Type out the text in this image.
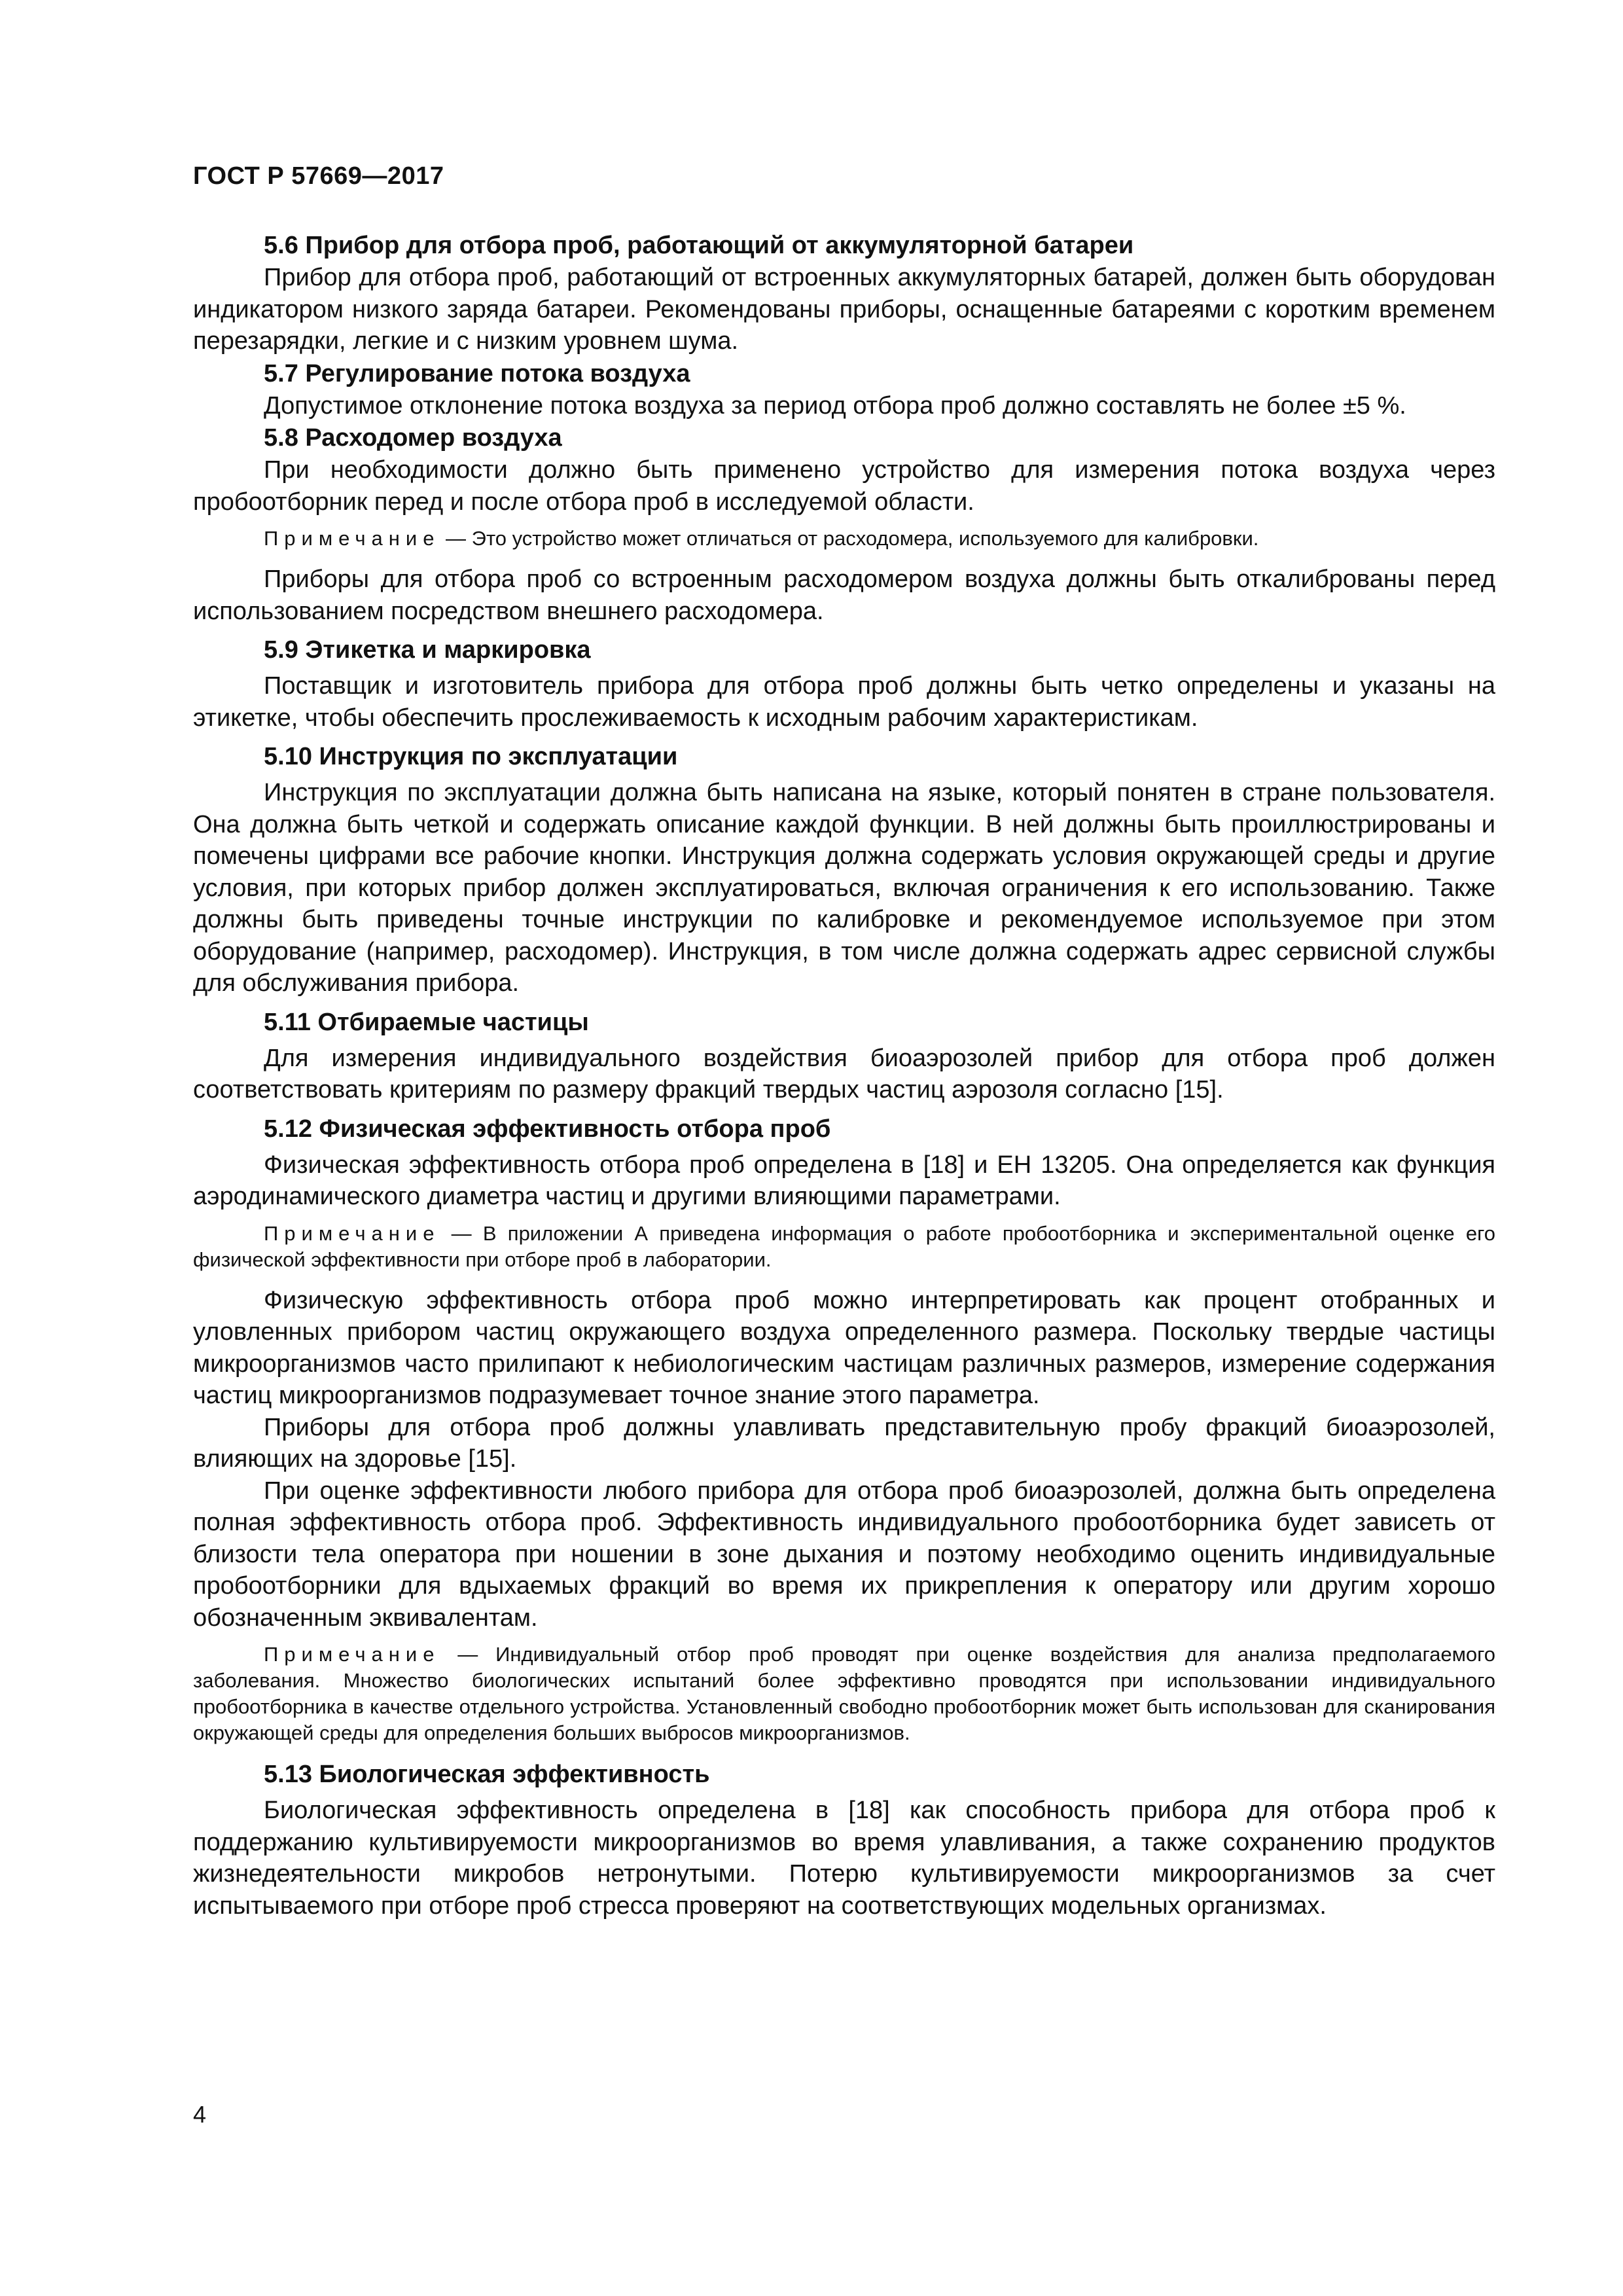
ГОСТ Р 57669—2017
5.6 Прибор для отбора проб, работающий от аккумуляторной батареи

Прибор для отбора проб, работающий от встроенных аккумуляторных батарей, должен быть оборудован индикатором низкого заряда батареи. Рекомендованы приборы, оснащенные батареями с коротким временем перезарядки, легкие и с низким уровнем шума.

5.7 Регулирование потока воздуха

Допустимое отклонение потока воздуха за период отбора проб должно составлять не более ±5 %.

5.8 Расходомер воздуха

При необходимости должно быть применено устройство для измерения потока воздуха через пробоотборник перед и после отбора проб в исследуемой области.

Примечание — Это устройство может отличаться от расходомера, используемого для калибровки.

Приборы для отбора проб со встроенным расходомером воздуха должны быть откалиброваны перед использованием посредством внешнего расходомера.

5.9 Этикетка и маркировка

Поставщик и изготовитель прибора для отбора проб должны быть четко определены и указаны на этикетке, чтобы обеспечить прослеживаемость к исходным рабочим характеристикам.

5.10 Инструкция по эксплуатации

Инструкция по эксплуатации должна быть написана на языке, который понятен в стране пользователя. Она должна быть четкой и содержать описание каждой функции. В ней должны быть проиллюстрированы и помечены цифрами все рабочие кнопки. Инструкция должна содержать условия окружающей среды и другие условия, при которых прибор должен эксплуатироваться, включая ограничения к его использованию. Также должны быть приведены точные инструкции по калибровке и рекомендуемое используемое при этом оборудование (например, расходомер). Инструкция, в том числе должна содержать адрес сервисной службы для обслуживания прибора.

5.11 Отбираемые частицы

Для измерения индивидуального воздействия биоаэрозолей прибор для отбора проб должен соответствовать критериям по размеру фракций твердых частиц аэрозоля согласно [15].

5.12 Физическая эффективность отбора проб

Физическая эффективность отбора проб определена в [18] и ЕН 13205. Она определяется как функция аэродинамического диаметра частиц и другими влияющими параметрами.

Примечание — В приложении А приведена информация о работе пробоотборника и экспериментальной оценке его физической эффективности при отборе проб в лаборатории.

Физическую эффективность отбора проб можно интерпретировать как процент отобранных и уловленных прибором частиц окружающего воздуха определенного размера. Поскольку твердые частицы микроорганизмов часто прилипают к небиологическим частицам различных размеров, измерение содержания частиц микроорганизмов подразумевает точное знание этого параметра.

Приборы для отбора проб должны улавливать представительную пробу фракций биоаэрозолей, влияющих на здоровье [15].

При оценке эффективности любого прибора для отбора проб биоаэрозолей, должна быть определена полная эффективность отбора проб. Эффективность индивидуального пробоотборника будет зависеть от близости тела оператора при ношении в зоне дыхания и поэтому необходимо оценить индивидуальные пробоотборники для вдыхаемых фракций во время их прикрепления к оператору или другим хорошо обозначенным эквивалентам.

Примечание — Индивидуальный отбор проб проводят при оценке воздействия для анализа предполагаемого заболевания. Множество биологических испытаний более эффективно проводятся при использовании индивидуального пробоотборника в качестве отдельного устройства. Установленный свободно пробоотборник может быть использован для сканирования окружающей среды для определения больших выбросов микроорганизмов.

5.13 Биологическая эффективность

Биологическая эффективность определена в [18] как способность прибора для отбора проб к поддержанию культивируемости микроорганизмов во время улавливания, а также сохранению продуктов жизнедеятельности микробов нетронутыми. Потерю культивируемости микроорганизмов за счет испытываемого при отборе проб стресса проверяют на соответствующих модельных организмах.

4
